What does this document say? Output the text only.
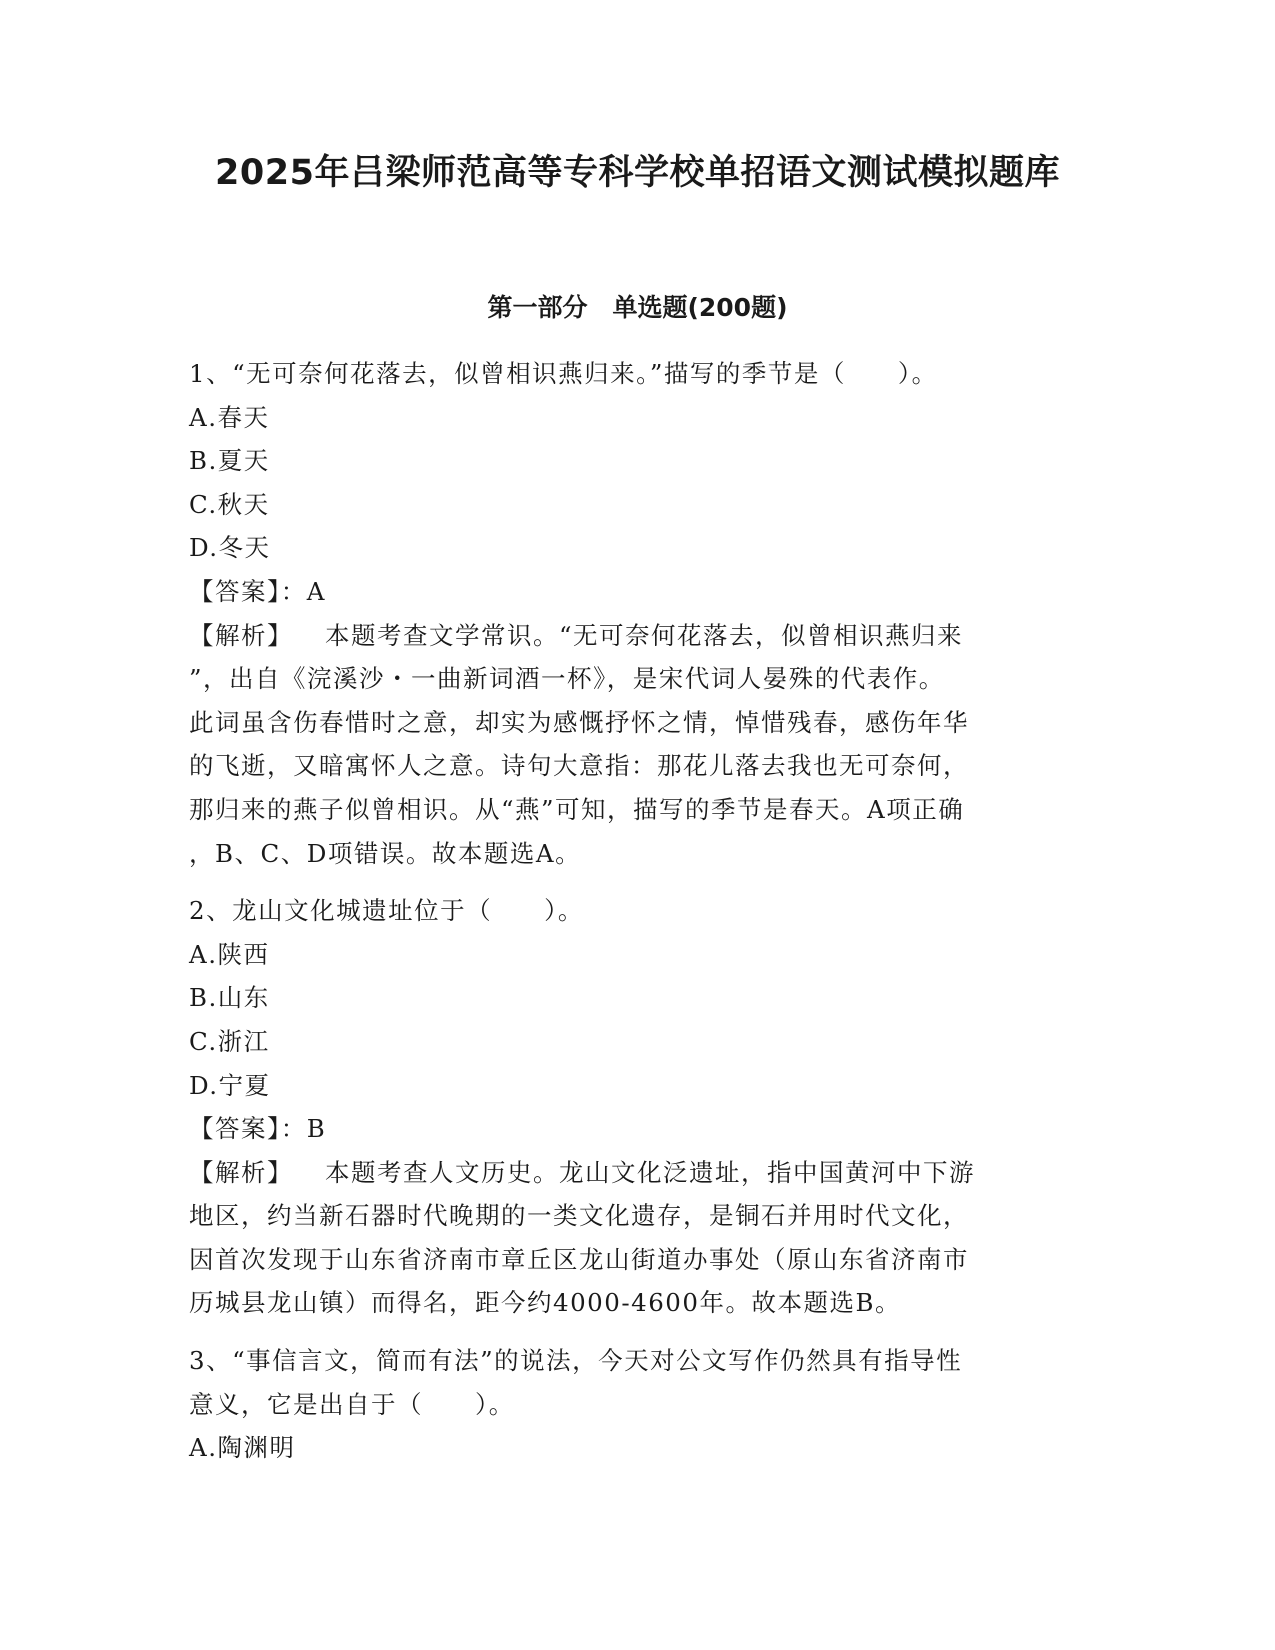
2025年吕梁师范高等专科学校单招语文测试模拟题库
第一部分　单选题(200题)
1、“无可奈何花落去，似曾相识燕归来。”描写的季节是（　　）。
A.春天
B.夏天
C.秋天
D.冬天
【答案】：A
【解析】 本题考查文学常识。“无可奈何花落去，似曾相识燕归来
”，出自《浣溪沙・一曲新词酒一杯》，是宋代词人晏殊的代表作。
此词虽含伤春惜时之意，却实为感慨抒怀之情，悼惜残春，感伤年华
的飞逝，又暗寓怀人之意。诗句大意指：那花儿落去我也无可奈何，
那归来的燕子似曾相识。从“燕”可知，描写的季节是春天。A项正确
，B、C、D项错误。故本题选A。
2、龙山文化城遗址位于（　　）。
A.陕西
B.山东
C.浙江
D.宁夏
【答案】：B
【解析】 本题考查人文历史。龙山文化泛遗址，指中国黄河中下游
地区，约当新石器时代晚期的一类文化遗存，是铜石并用时代文化，
因首次发现于山东省济南市章丘区龙山街道办事处（原山东省济南市
历城县龙山镇）而得名，距今约4000-4600年。故本题选B。
3、“事信言文，简而有法”的说法，今天对公文写作仍然具有指导性
意义，它是出自于（　　）。
A.陶渊明
